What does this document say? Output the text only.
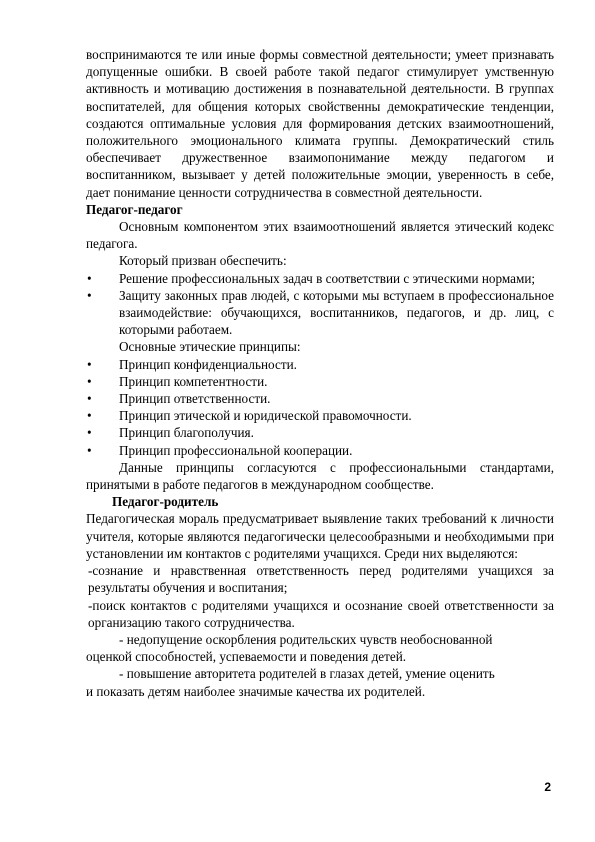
воспринимаются те или иные формы совместной деятельности; умеет признавать допущенные ошибки. В своей работе такой педагог стимулирует умственную активность и мотивацию достижения в познавательной деятельности. В группах воспитателей, для общения которых свойственны демократические тенденции, создаются оптимальные условия для формирования детских взаимоотношений, положительного эмоционального климата группы. Демократический стиль обеспечивает дружественное взаимопонимание между педагогом и воспитанником, вызывает у детей положительные эмоции, уверенность в себе, дает понимание ценности сотрудничества в совместной деятельности.

Педагог-педагог

Основным компонентом этих взаимоотношений является этический кодекс педагога.

Который призван обеспечить:

• Решение профессиональных задач в соответствии с этическими нормами;
• Защиту законных прав людей, с которыми мы вступаем в профессиональное взаимодействие: обучающихся, воспитанников, педагогов, и др. лиц, с которыми работаем.

Основные этические принципы:

• Принцип конфиденциальности.
• Принцип компетентности.
• Принцип ответственности.
• Принцип этической и юридической правомочности.
• Принцип благополучия.
• Принцип профессиональной кооперации.

Данные принципы согласуются с профессиональными стандартами, принятыми в работе педагогов в международном сообществе.

Педагог-родитель

Педагогическая мораль предусматривает выявление таких требований к личности учителя, которые являются педагогически целесообразными и необходимыми при установлении им контактов с родителями учащихся. Среди них выделяются:

-сознание и нравственная ответственность перед родителями учащихся за результаты обучения и воспитания;

-поиск контактов с родителями учащихся и осознание своей ответственности за организацию такого сотрудничества.

- недопущение оскорбления родительских чувств необоснованной оценкой способностей, успеваемости и поведения детей.

- повышение авторитета родителей в глазах детей, умение оценить и показать детям наиболее значимые качества их родителей.

2
